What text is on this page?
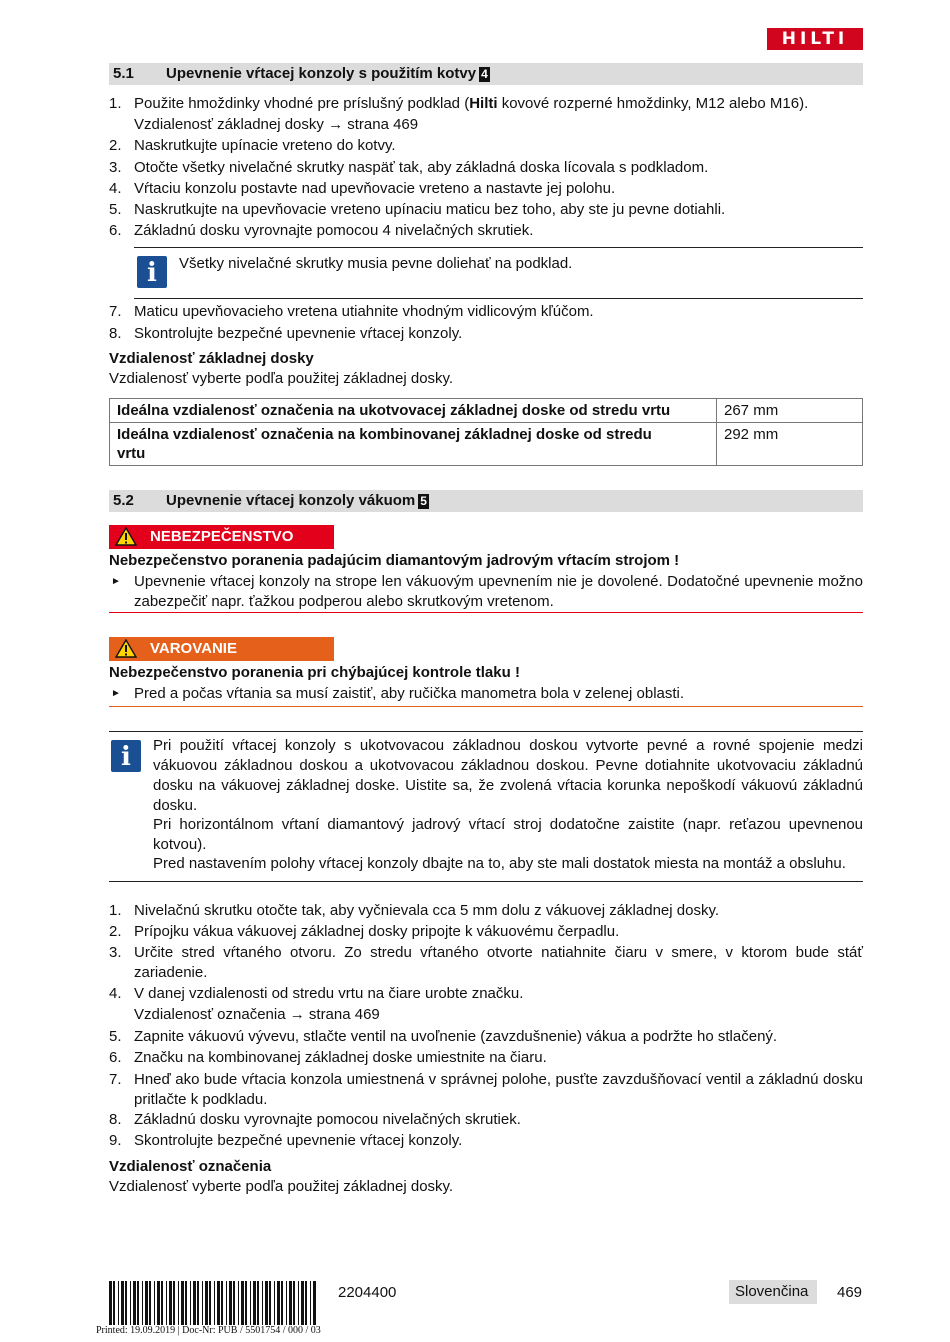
HILTI
5.1 Upevnenie vŕtacej konzoly s použitím kotvy 4
1. Použite hmoždinky vhodné pre príslušný podklad (Hilti kovové rozperné hmoždinky, M12 alebo M16).
Vzdialenosť základnej dosky → strana 469
2. Naskrutkujte upínacie vreteno do kotvy.
3. Otočte všetky nivelačné skrutky naspäť tak, aby základná doska lícovala s podkladom.
4. Vŕtaciu konzolu postavte nad upevňovacie vreteno a nastavte jej polohu.
5. Naskrutkujte na upevňovacie vreteno upínaciu maticu bez toho, aby ste ju pevne dotiahli.
6. Základnú dosku vyrovnajte pomocou 4 nivelačných skrutiek.
i	Všetky nivelačné skrutky musia pevne doliehať na podklad.
7. Maticu upevňovacieho vretena utiahnite vhodným vidlicovým kľúčom.
8. Skontrolujte bezpečné upevnenie vŕtacej konzoly.
Vzdialenosť základnej dosky
Vzdialenosť vyberte podľa použitej základnej dosky.
Ideálna vzdialenosť označenia na ukotvovacej základnej doske od stredu vrtu	267 mm
Ideálna vzdialenosť označenia na kombinovanej základnej doske od stredu
vrtu	292 mm
5.2 Upevnenie vŕtacej konzoly vákuom 5
NEBEZPEČENSTVO
Nebezpečenstvo poranenia padajúcim diamantovým jadrovým vŕtacím strojom !
► Upevnenie vŕtacej konzoly na strope len vákuovým upevnením nie je dovolené. Dodatočné upevnenie možno zabezpečiť napr. ťažkou podperou alebo skrutkovým vretenom.
VAROVANIE
Nebezpečenstvo poranenia pri chýbajúcej kontrole tlaku !
► Pred a počas vŕtania sa musí zaistiť, aby ručička manometra bola v zelenej oblasti.
i	Pri použití vŕtacej konzoly s ukotvovacou základnou doskou vytvorte pevné a rovné spojenie medzi vákuovou základnou doskou a ukotvovacou základnou doskou. Pevne dotiahnite ukotvovaciu základnú dosku na vákuovej základnej doske. Uistite sa, že zvolená vŕtacia korunka nepoškodí vákuovú základnú dosku.
Pri horizontálnom vŕtaní diamantový jadrový vŕtací stroj dodatočne zaistite (napr. reťazou upevnenou kotvou).
Pred nastavením polohy vŕtacej konzoly dbajte na to, aby ste mali dostatok miesta na montáž a obsluhu.
1. Nivelačnú skrutku otočte tak, aby vyčnievala cca 5 mm dolu z vákuovej základnej dosky.
2. Prípojku vákua vákuovej základnej dosky pripojte k vákuovému čerpadlu.
3. Určite stred vŕtaného otvoru. Zo stredu vŕtaného otvorte natiahnite čiaru v smere, v ktorom bude stáť zariadenie.
4. V danej vzdialenosti od stredu vrtu na čiare urobte značku.
Vzdialenosť označenia → strana 469
5. Zapnite vákuovú vývevu, stlačte ventil na uvoľnenie (zavzdušnenie) vákua a podržte ho stlačený.
6. Značku na kombinovanej základnej doske umiestnite na čiaru.
7. Hneď ako bude vŕtacia konzola umiestnená v správnej polohe, pusťte zavzdušňovací ventil a základnú dosku pritlačte k podkladu.
8. Základnú dosku vyrovnajte pomocou nivelačných skrutiek.
9. Skontrolujte bezpečné upevnenie vŕtacej konzoly.
Vzdialenosť označenia
Vzdialenosť vyberte podľa použitej základnej dosky.
2204400	Slovenčina 469
Printed: 19.09.2019 | Doc-Nr: PUB / 5501754 / 000 / 03
